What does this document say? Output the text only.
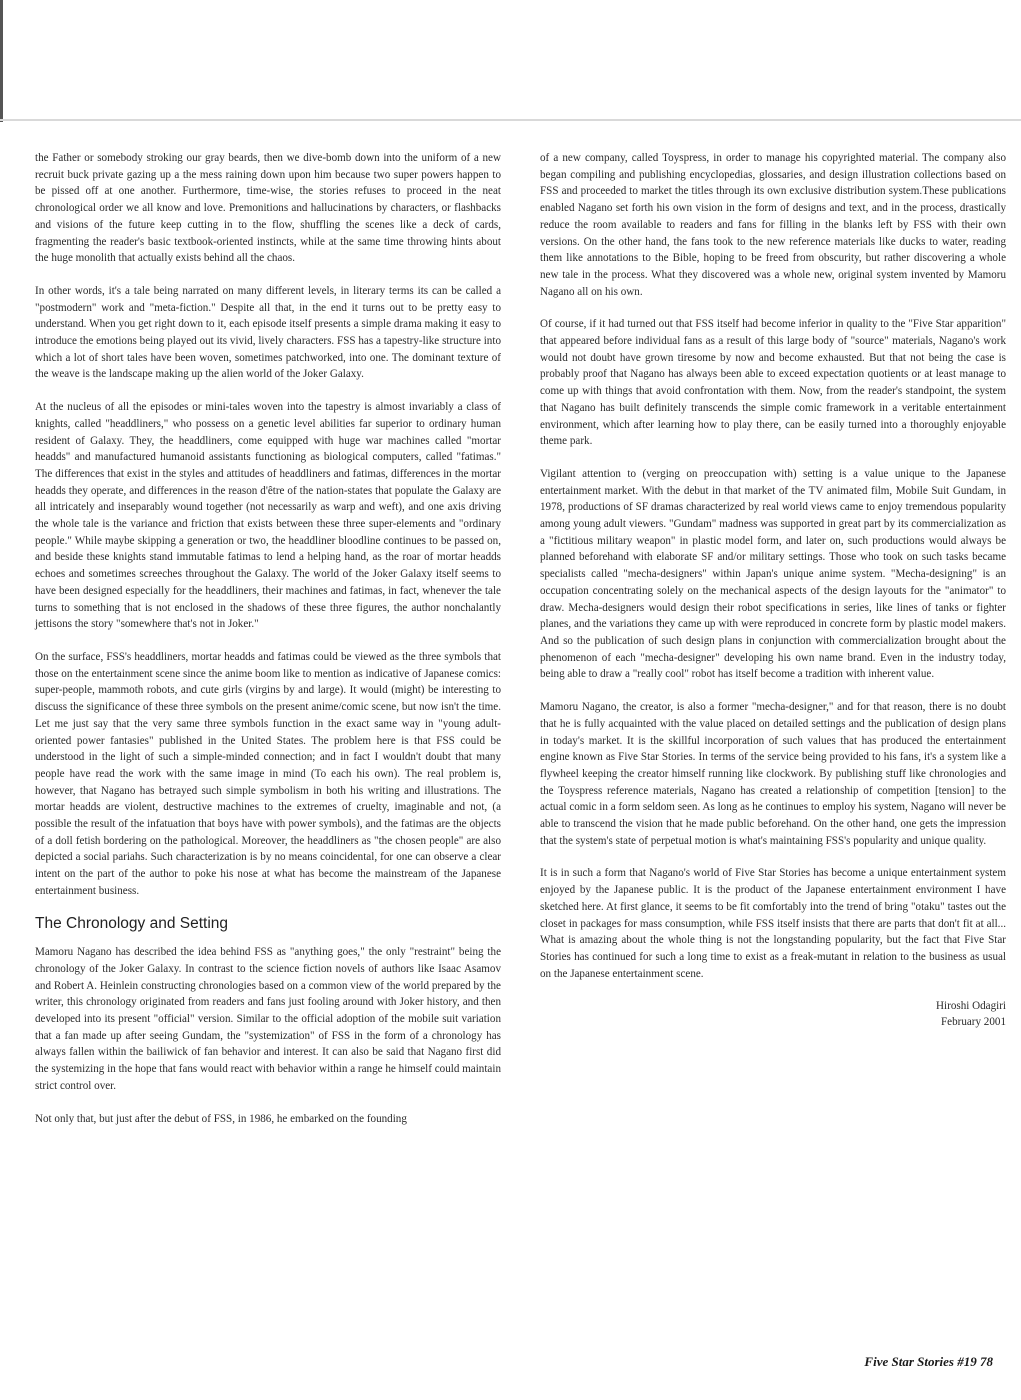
the Father or somebody stroking our gray beards, then we dive-bomb down into the uniform of a new recruit buck private gazing up a the mess raining down upon him because two super powers happen to be pissed off at one another. Furthermore, time-wise, the stories refuses to proceed in the neat chronological order we all know and love. Premonitions and hallucinations by characters, or flashbacks and visions of the future keep cutting in to the flow, shuffling the scenes like a deck of cards, fragmenting the reader's basic textbook-oriented instincts, while at the same time throwing hints about the huge monolith that actually exists behind all the chaos.

In other words, it's a tale being narrated on many different levels, in literary terms its can be called a "postmodern" work and "meta-fiction." Despite all that, in the end it turns out to be pretty easy to understand. When you get right down to it, each episode itself presents a simple drama making it easy to introduce the emotions being played out its vivid, lively characters. FSS has a tapestry-like structure into which a lot of short tales have been woven, sometimes patchworked, into one. The dominant texture of the weave is the landscape making up the alien world of the Joker Galaxy.

At the nucleus of all the episodes or mini-tales woven into the tapestry is almost invariably a class of knights, called "headdliners," who possess on a genetic level abilities far superior to ordinary human resident of Galaxy. They, the headdliners, come equipped with huge war machines called "mortar headds" and manufactured humanoid assistants functioning as biological computers, called "fatimas." The differences that exist in the styles and attitudes of headdliners and fatimas, differences in the mortar headds they operate, and differences in the reason d'être of the nation-states that populate the Galaxy are all intricately and inseparably wound together (not necessarily as warp and weft), and one axis driving the whole tale is the variance and friction that exists between these three super-elements and "ordinary people." While maybe skipping a generation or two, the headdliner bloodline continues to be passed on, and beside these knights stand immutable fatimas to lend a helping hand, as the roar of mortar headds echoes and sometimes screeches throughout the Galaxy. The world of the Joker Galaxy itself seems to have been designed especially for the headdliners, their machines and fatimas, in fact, whenever the tale turns to something that is not enclosed in the shadows of these three figures, the author nonchalantly jettisons the story "somewhere that's not in Joker."

On the surface, FSS's headdliners, mortar headds and fatimas could be viewed as the three symbols that those on the entertainment scene since the anime boom like to mention as indicative of Japanese comics: super-people, mammoth robots, and cute girls (virgins by and large). It would (might) be interesting to discuss the significance of these three symbols on the present anime/comic scene, but now isn't the time. Let me just say that the very same three symbols function in the exact same way in "young adult-oriented power fantasies" published in the United States. The problem here is that FSS could be understood in the light of such a simple-minded connection; and in fact I wouldn't doubt that many people have read the work with the same image in mind (To each his own). The real problem is, however, that Nagano has betrayed such simple symbolism in both his writing and illustrations. The mortar headds are violent, destructive machines to the extremes of cruelty, imaginable and not, (a possible the result of the infatuation that boys have with power symbols), and the fatimas are the objects of a doll fetish bordering on the pathological. Moreover, the headdliners as "the chosen people" are also depicted a social pariahs. Such characterization is by no means coincidental, for one can observe a clear intent on the part of the author to poke his nose at what has become the mainstream of the Japanese entertainment business.

The Chronology and Setting

Mamoru Nagano has described the idea behind FSS as "anything goes," the only "restraint" being the chronology of the Joker Galaxy. In contrast to the science fiction novels of authors like Isaac Asamov and Robert A. Heinlein constructing chronologies based on a common view of the world prepared by the writer, this chronology originated from readers and fans just fooling around with Joker history, and then developed into its present "official" version. Similar to the official adoption of the mobile suit variation that a fan made up after seeing Gundam, the "systemization" of FSS in the form of a chronology has always fallen within the bailiwick of fan behavior and interest. It can also be said that Nagano first did the systemizing in the hope that fans would react with behavior within a range he himself could maintain strict control over.

Not only that, but just after the debut of FSS, in 1986, he embarked on the founding

of a new company, called Toyspress, in order to manage his copyrighted material. The company also began compiling and publishing encyclopedias, glossaries, and design illustration collections based on FSS and proceeded to market the titles through its own exclusive distribution system.These publications enabled Nagano set forth his own vision in the form of designs and text, and in the process, drastically reduce the room available to readers and fans for filling in the blanks left by FSS with their own versions. On the other hand, the fans took to the new reference materials like ducks to water, reading them like annotations to the Bible, hoping to be freed from obscurity, but rather discovering a whole new tale in the process. What they discovered was a whole new, original system invented by Mamoru Nagano all on his own.

Of course, if it had turned out that FSS itself had become inferior in quality to the "Five Star apparition" that appeared before individual fans as a result of this large body of "source" materials, Nagano's work would not doubt have grown tiresome by now and become exhausted. But that not being the case is probably proof that Nagano has always been able to exceed expectation quotients or at least manage to come up with things that avoid confrontation with them. Now, from the reader's standpoint, the system that Nagano has built definitely transcends the simple comic framework in a veritable entertainment environment, which after learning how to play there, can be easily turned into a thoroughly enjoyable theme park.

Vigilant attention to (verging on preoccupation with) setting is a value unique to the Japanese entertainment market. With the debut in that market of the TV animated film, Mobile Suit Gundam, in 1978, productions of SF dramas characterized by real world views came to enjoy tremendous popularity among young adult viewers. "Gundam" madness was supported in great part by its commercialization as a "fictitious military weapon" in plastic model form, and later on, such productions would always be planned beforehand with elaborate SF and/or military settings. Those who took on such tasks became specialists called "mecha-designers" within Japan's unique anime system. "Mecha-designing" is an occupation concentrating solely on the mechanical aspects of the design layouts for the "animator" to draw. Mecha-designers would design their robot specifications in series, like lines of tanks or fighter planes, and the variations they came up with were reproduced in concrete form by plastic model makers. And so the publication of such design plans in conjunction with commercialization brought about the phenomenon of each "mecha-designer" developing his own name brand. Even in the industry today, being able to draw a "really cool" robot has itself become a tradition with inherent value.

Mamoru Nagano, the creator, is also a former "mecha-designer," and for that reason, there is no doubt that he is fully acquainted with the value placed on detailed settings and the publication of design plans in today's market. It is the skillful incorporation of such values that has produced the entertainment engine known as Five Star Stories. In terms of the service being provided to his fans, it's a system like a flywheel keeping the creator himself running like clockwork. By publishing stuff like chronologies and the Toyspress reference materials, Nagano has created a relationship of competition [tension] to the actual comic in a form seldom seen. As long as he continues to employ his system, Nagano will never be able to transcend the vision that he made public beforehand. On the other hand, one gets the impression that the system's state of perpetual motion is what's maintaining FSS's popularity and unique quality.

It is in such a form that Nagano's world of Five Star Stories has become a unique entertainment system enjoyed by the Japanese public. It is the product of the Japanese entertainment environment I have sketched here. At first glance, it seems to be fit comfortably into the trend of bring "otaku" tastes out the closet in packages for mass consumption, while FSS itself insists that there are parts that don't fit at all... What is amazing about the whole thing is not the longstanding popularity, but the fact that Five Star Stories has continued for such a long time to exist as a freak-mutant in relation to the business as usual on the Japanese entertainment scene.

Hiroshi Odagiri
February 2001
Five Star Stories #19 78
